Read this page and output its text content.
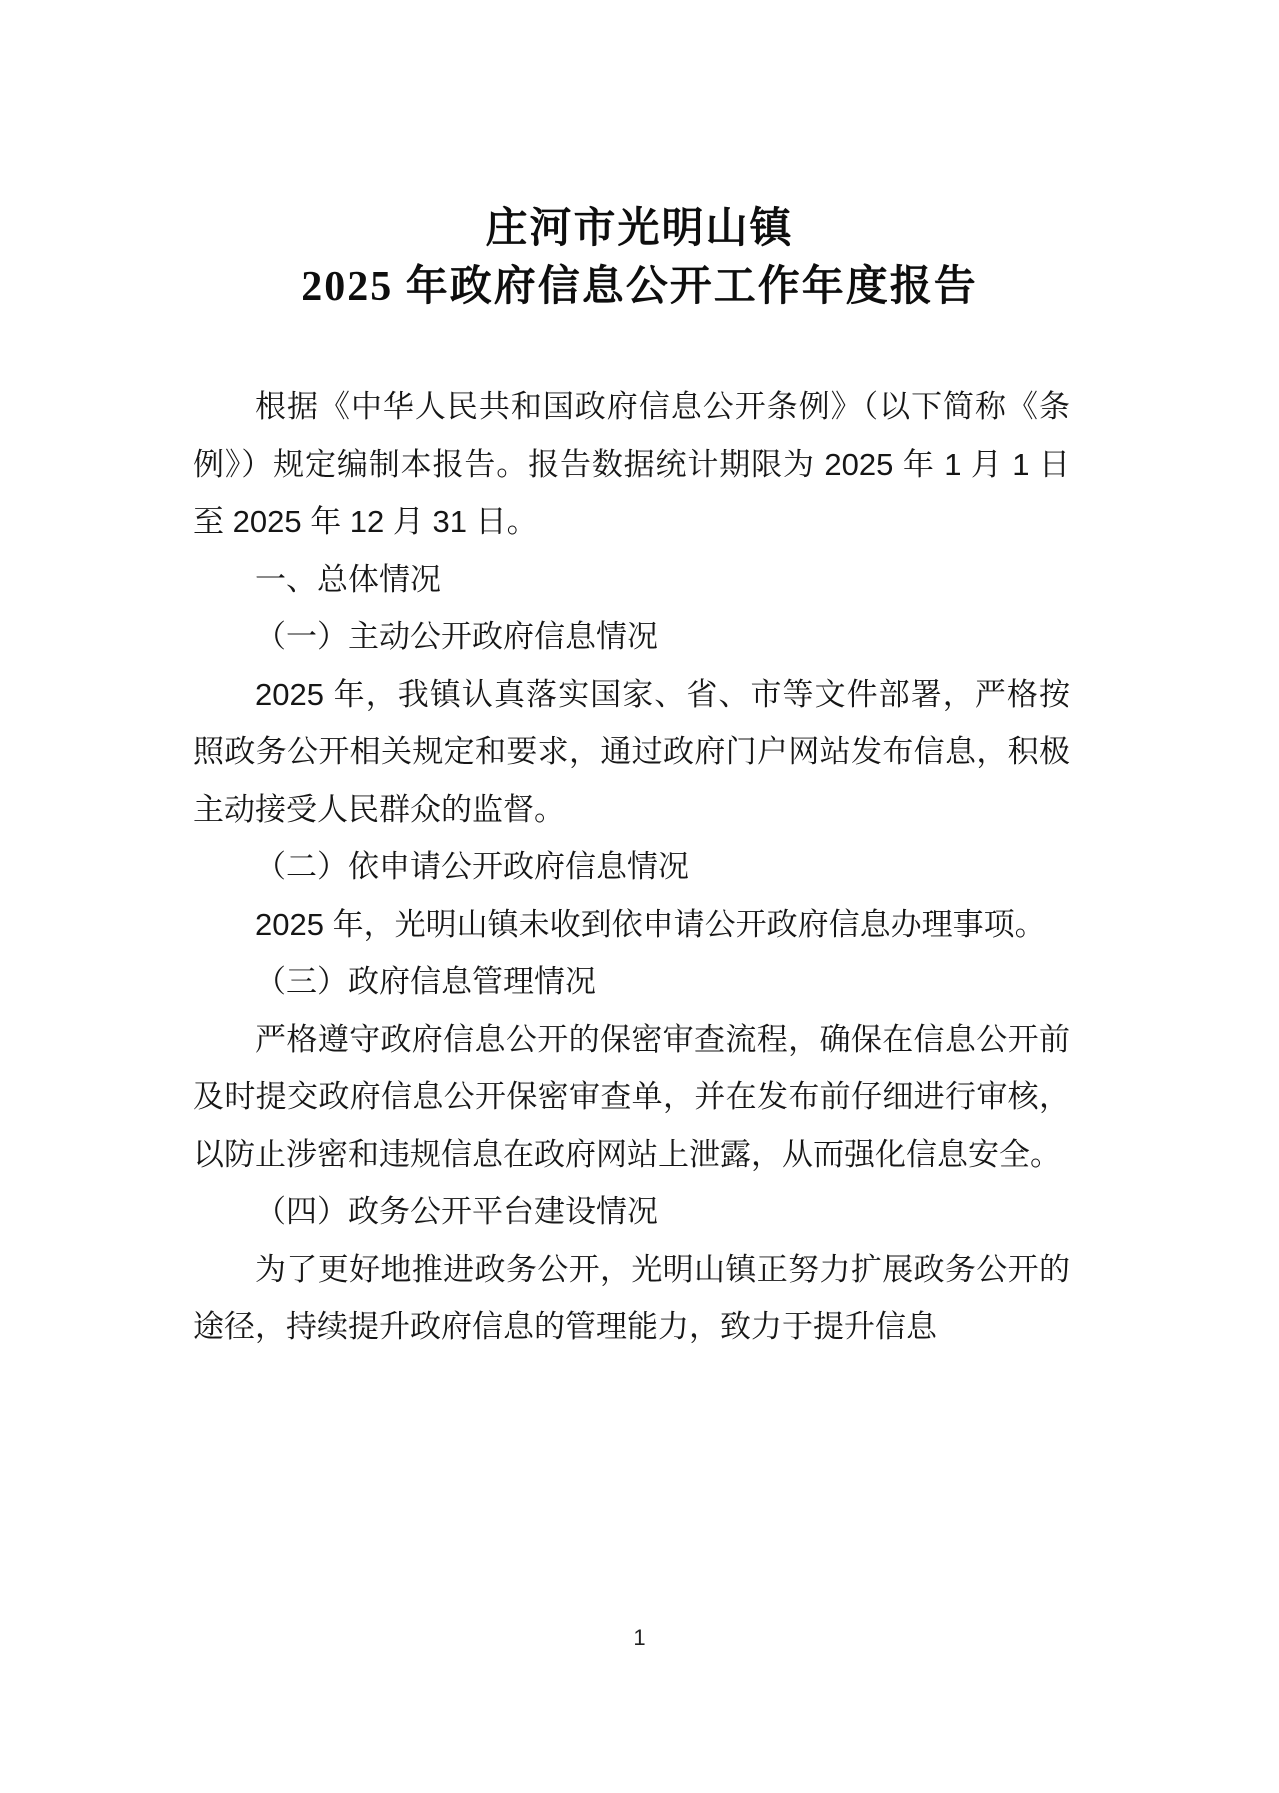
庄河市光明山镇
2025 年政府信息公开工作年度报告

根据《中华人民共和国政府信息公开条例》（以下简称《条例》）规定编制本报告。报告数据统计期限为 2025 年 1 月 1 日至 2025 年 12 月 31 日。

一、总体情况

（一）主动公开政府信息情况

2025 年，我镇认真落实国家、省、市等文件部署，严格按照政务公开相关规定和要求，通过政府门户网站发布信息，积极主动接受人民群众的监督。

（二）依申请公开政府信息情况

2025 年，光明山镇未收到依申请公开政府信息办理事项。

（三）政府信息管理情况

严格遵守政府信息公开的保密审查流程，确保在信息公开前及时提交政府信息公开保密审查单，并在发布前仔细进行审核，以防止涉密和违规信息在政府网站上泄露，从而强化信息安全。

（四）政务公开平台建设情况

为了更好地推进政务公开，光明山镇正努力扩展政务公开的途径，持续提升政府信息的管理能力，致力于提升信息

1
